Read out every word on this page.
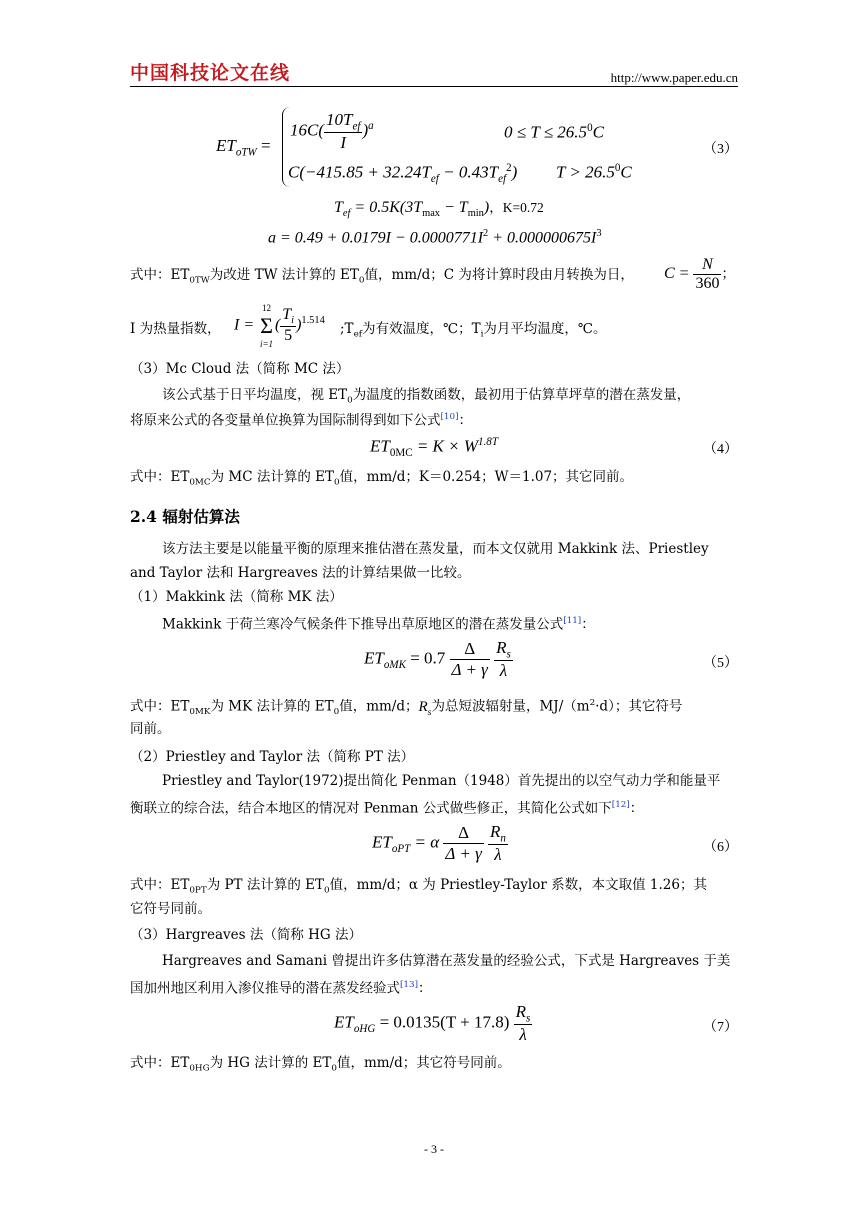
中国科技论文在线	http://www.paper.edu.cn
$ET_{oTW}$ =
$16C( \frac{10T_{ef}}{I} )^a$	$0 \le T \le 26.5^0C$
$C(-415.85 + 32.24T_{ef} - 0.43T_{ef}^2)$ $T > 26.5^0C$
（3）
$T_{ef} = 0.5K(3T_{max} - T_{min})$，K=0.72
$a = 0.49 + 0.0179I - 0.0000771I^2 + 0.000000675I^3$
式中：$ET_{0TW}$为改进 TW 法计算的 $ET_0$值，mm/d；C 为将计算时段由月转换为日， $C = \frac{N}{360}$ ；
I 为热量指数， I = Σ
12
i=1
( $\frac{T_i}{5} )^{1.514}$
$;T_{ef}$为有效温度，℃；$T_i$为月平均温度，℃。
（3）Mc Cloud 法（简称 MC 法）
该公式基于日平均温度，视 $ET_0$为温度的指数函数，最初用于估算草坪草的潜在蒸发量，
将原来公式的各变量单位换算为国际制得到如下公式[10]：
$ET_{0MC} = K \times W^{1.8T}$	（4）
式中：$ET_{0MC}$为 MC 法计算的 $ET_0$值，mm/d；K＝0.254；W＝1.07；其它同前。
2.4 辐射估算法
该方法主要是以能量平衡的原理来推估潜在蒸发量，而本文仅就用 Makkink 法、Priestley
and Taylor 法和 Hargreaves 法的计算结果做一比较。
（1）Makkink 法（简称 MK 法）
Makkink 于荷兰寒冷气候条件下推导出草原地区的潜在蒸发量公式[11]：
$ET_{oMK} = 0.7 \frac{\Delta}{\Delta + \gamma}$
$\frac{R_s}{\lambda}$	（5）
式中：$ET_{0MK}$为 MK 法计算的 $ET_0$值，mm/d；$R_s$为总短波辐射量，$MJ/(m^2\cdot d)$；其它符号
同前。
（2）Priestley and Taylor 法（简称 PT 法）
Priestley and Taylor(1972)提出简化 Penman（1948）首先提出的以空气动力学和能量平
衡联立的综合法，结合本地区的情况对 Penman 公式做些修正，其简化公式如下[12]：
$ET_{oPT} = \alpha \frac{\Delta}{\Delta + \gamma}$
$\frac{R_n}{\lambda}$	（6）
式中：$ET_{0PT}$为 PT 法计算的 $ET_0$值，mm/d；α 为 Priestley-Taylor 系数，本文取值 1.26；其
它符号同前。
（3）Hargreaves 法（简称 HG 法）
Hargreaves and Samani 曾提出许多估算潜在蒸发量的经验公式，下式是 Hargreaves 于美
国加州地区利用入渗仪推导的潜在蒸发经验式[13]：
$ET_{oHG} = 0.0135(T + 17.8) \frac{R_s}{\lambda}$	（7）
式中：$ET_{0HG}$为 HG 法计算的 $ET_0$值，mm/d；其它符号同前。
- 3 -
